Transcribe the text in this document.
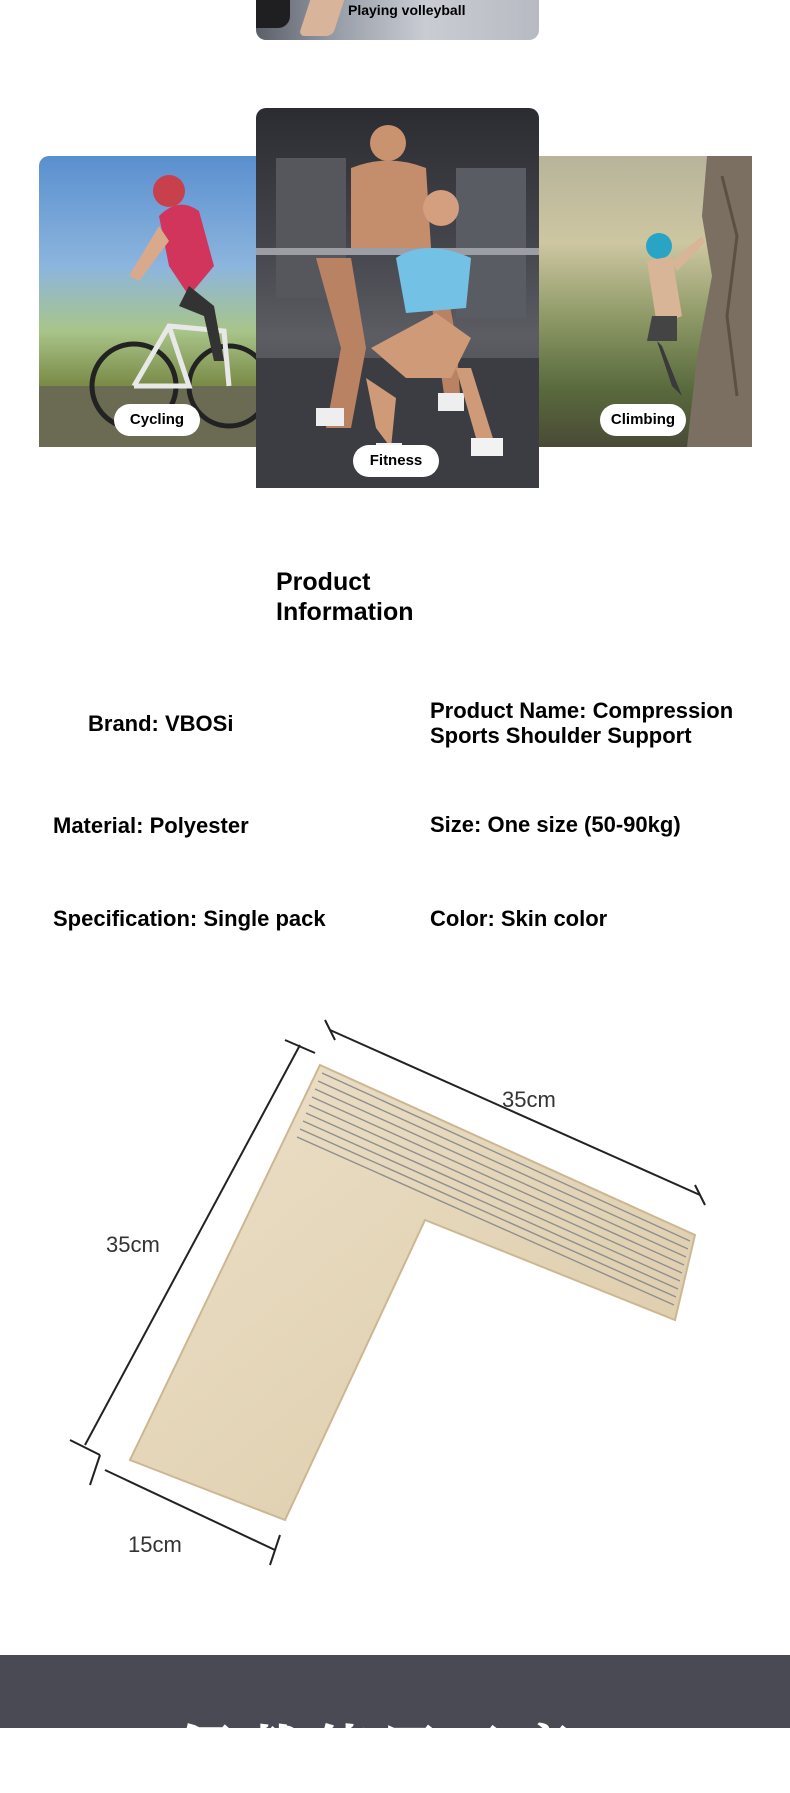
Playing volleyball
Cycling	Climbing
Fitness
Product
Information
Brand: VBOSi
Product Name: Compression
Sports Shoulder Support
Material: Polyester	Size: One size (50-90kg)
Specification: Single pack	Color: Skin color
35cm
35cm
15cm
佩戴使用示意
